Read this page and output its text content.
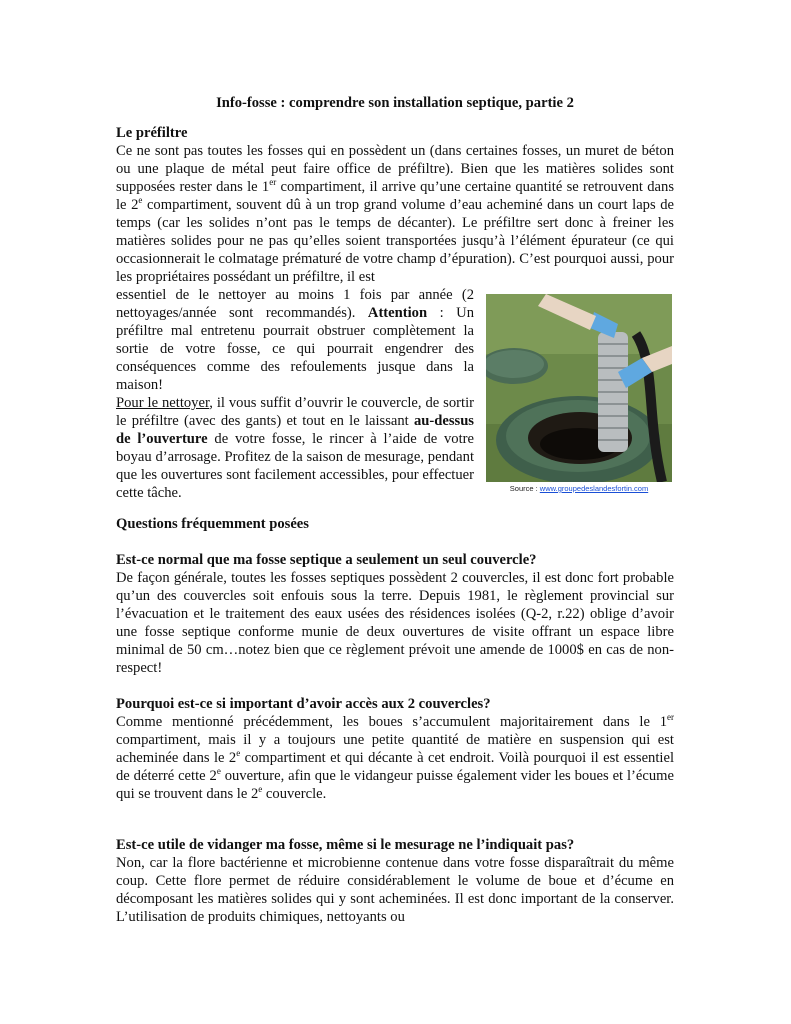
Info-fosse : comprendre son installation septique, partie 2
Le préfiltre

Ce ne sont pas toutes les fosses qui en possèdent un (dans certaines fosses, un muret de béton ou une plaque de métal peut faire office de préfiltre). Bien que les matières solides sont supposées rester dans le 1er compartiment, il arrive qu’une certaine quantité se retrouvent dans le 2e compartiment, souvent dû à un trop grand volume d’eau acheminé dans un court laps de temps (car les solides n’ont pas le temps de décanter). Le préfiltre sert donc à freiner les matières solides pour ne pas qu’elles soient transportées jusqu’à l’élément épurateur (ce qui occasionnerait le colmatage prématuré de votre champ d’épuration). C’est pourquoi aussi, pour les propriétaires possédant un préfiltre, il est

essentiel de le nettoyer au moins 1 fois par année (2 nettoyages/année sont recommandés). Attention : Un préfiltre mal entretenu pourrait obstruer complètement la sortie de votre fosse, ce qui pourrait engendrer des conséquences comme des refoulements jusque dans la maison!

Pour le nettoyer, il vous suffit d’ouvrir le couvercle, de sortir le préfiltre (avec des gants) et tout en le laissant au-dessus de l’ouverture de votre fosse, le rincer à l’aide de votre boyau d’arrosage. Profitez de la saison de mesurage, pendant que les ouvertures sont facilement accessibles, pour effectuer cette tâche.	Source : www.groupedeslandesfortin.com
Questions fréquemment posées
Est-ce normal que ma fosse septique a seulement un seul couvercle?

De façon générale, toutes les fosses septiques possèdent 2 couvercles, il est donc fort probable qu’un des couvercles soit enfouis sous la terre. Depuis 1981, le règlement provincial sur l’évacuation et le traitement des eaux usées des résidences isolées (Q-2, r.22) oblige d’avoir une fosse septique conforme munie de deux ouvertures de visite offrant un espace libre minimal de 50 cm…notez bien que ce règlement prévoit une amende de 1000$ en cas de non-respect!

Pourquoi est-ce si important d’avoir accès aux 2 couvercles?

Comme mentionné précédemment, les boues s’accumulent majoritairement dans le 1er compartiment, mais il y a toujours une petite quantité de matière en suspension qui est acheminée dans le 2e compartiment et qui décante à cet endroit. Voilà pourquoi il est essentiel de déterré cette 2e ouverture, afin que le vidangeur puisse également vider les boues et l’écume qui se trouvent dans le 2e couvercle.

Est-ce utile de vidanger ma fosse, même si le mesurage ne l’indiquait pas?

Non, car la flore bactérienne et microbienne contenue dans votre fosse disparaîtrait du même coup. Cette flore permet de réduire considérablement le volume de boue et d’écume en décomposant les matières solides qui y sont acheminées. Il est donc important de la conserver. L’utilisation de produits chimiques, nettoyants ou
